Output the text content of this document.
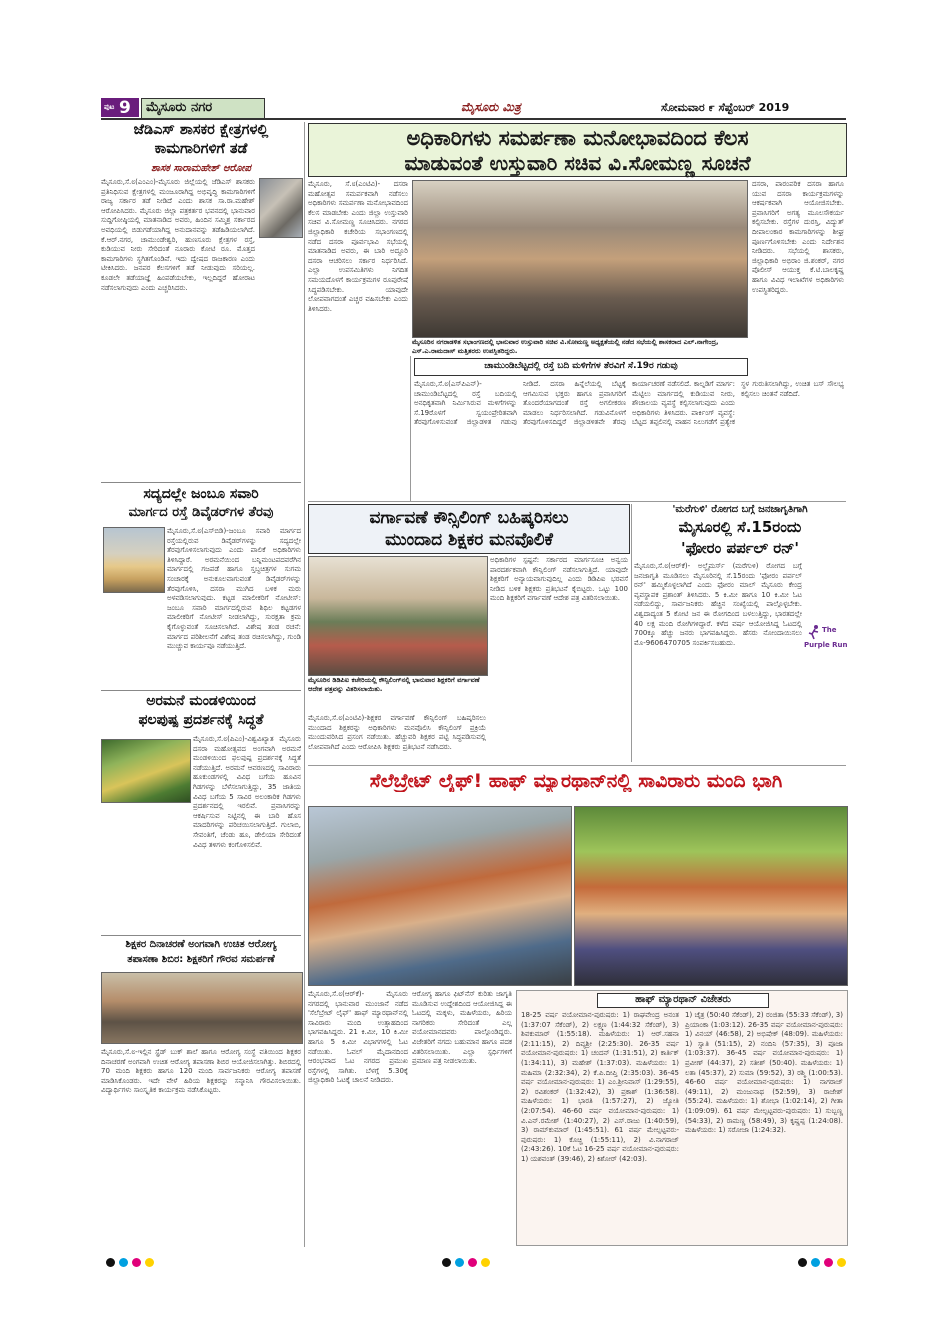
ಪುಟ 9 ಮೈಸೂರು ನಗರ	ಮೈಸೂರು ಮಿತ್ರ	ಸೋಮವಾರ ೯ ಸೆಪ್ಟೆಂಬರ್ 2019
ಅಧಿಕಾರಿಗಳು ಸಮರ್ಪಣಾ ಮನೋಭಾವದಿಂದ ಕೆಲಸ
ಮಾಡುವಂತೆ ಉಸ್ತುವಾರಿ ಸಚಿವ ವಿ.ಸೋಮಣ್ಣ ಸೂಚನೆ
ಮೈಸೂರು, ಸೆ.೮(ಎಂಟಿವಿ)- ದಸರಾ ಮಹೋತ್ಸವ ಸಮರ್ಪಕವಾಗಿ ನಡೆಸಲು ಅಧಿಕಾರಿಗಳು ಸಮರ್ಪಣಾ ಮನೋಭಾವದಿಂದ ಕೆಲಸ ಮಾಡಬೇಕು ಎಂದು ಜಿಲ್ಲಾ ಉಸ್ತುವಾರಿ ಸಚಿವ ವಿ.ಸೋಮಣ್ಣ ಸೂಚಿಸಿದರು. ನಗರದ ಜಿಲ್ಲಾಧಿಕಾರಿ ಕಚೇರಿಯ ಸಭಾಂಗಣದಲ್ಲಿ ನಡೆದ ದಸರಾ ಪೂರ್ವಭಾವಿ ಸಭೆಯಲ್ಲಿ ಮಾತನಾಡಿದ ಅವರು, ಈ ಬಾರಿ ಅದ್ದೂರಿ ದಸರಾ ಆಚರಿಸಲು ಸರ್ಕಾರ ನಿರ್ಧರಿಸಿದೆ. ಎಲ್ಲಾ ಉಪಸಮಿತಿಗಳು ನಿಗದಿತ ಸಮಯದೊಳಗೆ ಕಾರ್ಯಕ್ರಮಗಳ ರೂಪುರೇಷೆ ಸಿದ್ಧಪಡಿಸಬೇಕು. ಯಾವುದೇ ಲೋಪವಾಗದಂತೆ ಎಚ್ಚರ ವಹಿಸಬೇಕು ಎಂದು ತಿಳಿಸಿದರು.
ದಸರಾ, ಪಾರಂಪರಿಕ ದಸರಾ ಹಾಗೂ ಯುವ ದಸರಾ ಕಾರ್ಯಕ್ರಮಗಳನ್ನು ಆಕರ್ಷಕವಾಗಿ ಆಯೋಜಿಸಬೇಕು. ಪ್ರವಾಸಿಗರಿಗೆ ಅಗತ್ಯ ಮೂಲಸೌಕರ್ಯ ಕಲ್ಪಿಸಬೇಕು. ರಸ್ತೆಗಳ ದುರಸ್ತಿ, ವಿದ್ಯುತ್ ದೀಪಾಲಂಕಾರ ಕಾಮಗಾರಿಗಳನ್ನು ಶೀಘ್ರ ಪೂರ್ಣಗೊಳಿಸಬೇಕು ಎಂದು ನಿರ್ದೇಶನ ನೀಡಿದರು. ಸಭೆಯಲ್ಲಿ ಶಾಸಕರು, ಜಿಲ್ಲಾಧಿಕಾರಿ ಅಭಿರಾಂ ಜಿ.ಶಂಕರ್, ನಗರ ಪೊಲೀಸ್ ಆಯುಕ್ತ ಕೆ.ಟಿ.ಬಾಲಕೃಷ್ಣ ಹಾಗೂ ವಿವಿಧ ಇಲಾಖೆಗಳ ಅಧಿಕಾರಿಗಳು ಉಪಸ್ಥಿತರಿದ್ದರು.
ಮೈಸೂರಿನ ನಗರಾಡಳಿತ ಸಭಾಂಗಣದಲ್ಲಿ ಭಾನುವಾರ ಉಸ್ತುವಾರಿ ಸಚಿವ ವಿ.ಸೋಮಣ್ಣ ಅಧ್ಯಕ್ಷತೆಯಲ್ಲಿ ನಡೆದ ಸಭೆಯಲ್ಲಿ ಶಾಸಕರಾದ ಎಲ್.ನಾಗೇಂದ್ರ, ಎಸ್.ಎ.ರಾಮದಾಸ್ ಮತ್ತಿತರರು ಉಪಸ್ಥಿತರಿದ್ದರು.
ಜೆಡಿಎಸ್ ಶಾಸಕರ ಕ್ಷೇತ್ರಗಳಲ್ಲಿ
ಕಾಮಗಾರಿಗಳಿಗೆ ತಡೆ
ಶಾಸಕ ಸಾರಾಮಹೇಶ್ ಆರೋಪ
ಮೈಸೂರು,ಸೆ.೮(ಎಂಎಂ)-ಮೈಸೂರು ಜಿಲ್ಲೆಯಲ್ಲಿ ಜೆಡಿಎಸ್ ಶಾಸಕರು ಪ್ರತಿನಿಧಿಸುವ ಕ್ಷೇತ್ರಗಳಲ್ಲಿ ಮಂಜೂರಾಗಿದ್ದ ಅಭಿವೃದ್ಧಿ ಕಾಮಗಾರಿಗಳಿಗೆ ರಾಜ್ಯ ಸರ್ಕಾರ ತಡೆ ನೀಡಿದೆ ಎಂದು ಶಾಸಕ ಸಾ.ರಾ.ಮಹೇಶ್ ಆರೋಪಿಸಿದರು. ಮೈಸೂರು ಜಿಲ್ಲಾ ಪತ್ರಕರ್ತರ ಭವನದಲ್ಲಿ ಭಾನುವಾರ ಸುದ್ದಿಗೋಷ್ಠಿಯಲ್ಲಿ ಮಾತನಾಡಿದ ಅವರು, ಹಿಂದಿನ ಸಮ್ಮಿಶ್ರ ಸರ್ಕಾರದ ಅವಧಿಯಲ್ಲಿ ಬಿಡುಗಡೆಯಾಗಿದ್ದ ಅನುದಾನವನ್ನು ತಡೆಹಿಡಿಯಲಾಗಿದೆ. ಕೆ.ಆರ್.ನಗರ, ಚಾಮುಂಡೇಶ್ವರಿ, ಹುಣಸೂರು ಕ್ಷೇತ್ರಗಳ ರಸ್ತೆ, ಕುಡಿಯುವ ನೀರು ಸೇರಿದಂತೆ ನೂರಾರು ಕೋಟಿ ರೂ. ಮೊತ್ತದ ಕಾಮಗಾರಿಗಳು ಸ್ಥಗಿತಗೊಂಡಿವೆ. ಇದು ದ್ವೇಷದ ರಾಜಕಾರಣ ಎಂದು ಟೀಕಿಸಿದರು. ಜನಪರ ಕೆಲಸಗಳಿಗೆ ತಡೆ ನೀಡುವುದು ಸರಿಯಲ್ಲ. ಕೂಡಲೇ ತಡೆಯಾಜ್ಞೆ ಹಿಂಪಡೆಯಬೇಕು, ಇಲ್ಲದಿದ್ದರೆ ಹೋರಾಟ ನಡೆಸಲಾಗುವುದು ಎಂದು ಎಚ್ಚರಿಸಿದರು.
ಸದ್ಯದಲ್ಲೇ ಜಂಬೂ ಸವಾರಿ
ಮಾರ್ಗದ ರಸ್ತೆ ಡಿವೈಡರ್‌ಗಳ ತೆರವು
ಮೈಸೂರು,ಸೆ.೮(ಎಸ್‌ಬಿಡಿ)-ಜಂಬೂ ಸವಾರಿ ಮಾರ್ಗದ ರಸ್ತೆಯಲ್ಲಿರುವ ಡಿವೈಡರ್‌ಗಳನ್ನು ಸದ್ಯದಲ್ಲೇ ತೆರವುಗೊಳಿಸಲಾಗುವುದು ಎಂದು ಪಾಲಿಕೆ ಅಧಿಕಾರಿಗಳು ತಿಳಿಸಿದ್ದಾರೆ. ಅರಮನೆಯಿಂದ ಬನ್ನಿಮಂಟಪದವರೆಗಿನ ಮಾರ್ಗದಲ್ಲಿ ಗಜಪಡೆ ಹಾಗೂ ಸ್ತಬ್ಧಚಿತ್ರಗಳ ಸುಗಮ ಸಂಚಾರಕ್ಕೆ ಅನುಕೂಲವಾಗುವಂತೆ ಡಿವೈಡರ್‌ಗಳನ್ನು ತೆರವುಗೊಳಿಸಿ, ದಸರಾ ಮುಗಿದ ಬಳಿಕ ಮರು ಅಳವಡಿಸಲಾಗುವುದು. ಕಟ್ಟಡ ಮಾಲೀಕರಿಗೆ ನೋಟೀಸ್: ಜಂಬೂ ಸವಾರಿ ಮಾರ್ಗದಲ್ಲಿರುವ ಶಿಥಿಲ ಕಟ್ಟಡಗಳ ಮಾಲೀಕರಿಗೆ ನೋಟೀಸ್ ನೀಡಲಾಗಿದ್ದು, ಸುರಕ್ಷತಾ ಕ್ರಮ ಕೈಗೊಳ್ಳುವಂತೆ ಸೂಚಿಸಲಾಗಿದೆ. ವಿಶೇಷ ತಂಡ ರಚನೆ: ಮಾರ್ಗದ ಪರಿಶೀಲನೆಗೆ ವಿಶೇಷ ತಂಡ ರಚಿಸಲಾಗಿದ್ದು, ಗುಂಡಿ ಮುಚ್ಚುವ ಕಾರ್ಯವೂ ನಡೆಯುತ್ತಿದೆ.
ಅರಮನೆ ಮಂಡಳಿಯಿಂದ
ಫಲಪುಷ್ಪ ಪ್ರದರ್ಶನಕ್ಕೆ ಸಿದ್ಧತೆ
ಮೈಸೂರು,ಸೆ.೮(ಪಿಎಂ)-ವಿಶ್ವವಿಖ್ಯಾತ ಮೈಸೂರು ದಸರಾ ಮಹೋತ್ಸವದ ಅಂಗವಾಗಿ ಅರಮನೆ ಮಂಡಳಿಯಿಂದ ಫಲಪುಷ್ಪ ಪ್ರದರ್ಶನಕ್ಕೆ ಸಿದ್ಧತೆ ನಡೆಯುತ್ತಿದೆ. ಅರಮನೆ ಆವರಣದಲ್ಲಿ ಸಾವಿರಾರು ಹೂಕುಂಡಗಳಲ್ಲಿ ವಿವಿಧ ಬಗೆಯ ಹೂವಿನ ಗಿಡಗಳನ್ನು ಬೆಳೆಸಲಾಗುತ್ತಿದ್ದು, 35 ಜಾತಿಯ ವಿವಿಧ ಬಗೆಯ 5 ಸಾವಿರ ಅಲಂಕಾರಿಕ ಗಿಡಗಳು ಪ್ರದರ್ಶನದಲ್ಲಿ ಇರಲಿವೆ. ಪ್ರವಾಸಿಗರನ್ನು ಆಕರ್ಷಿಸುವ ನಿಟ್ಟಿನಲ್ಲಿ ಈ ಬಾರಿ ಹೊಸ ಮಾದರಿಗಳನ್ನು ಪರಿಚಯಿಸಲಾಗುತ್ತಿದೆ. ಗುಲಾಬಿ, ಸೇವಂತಿಗೆ, ಚೆಂಡು ಹೂ, ಡೇಲಿಯಾ ಸೇರಿದಂತೆ ವಿವಿಧ ತಳಿಗಳು ಕಂಗೊಳಿಸಲಿವೆ.
ಶಿಕ್ಷಕರ ದಿನಾಚರಣೆ ಅಂಗವಾಗಿ ಉಚಿತ ಆರೋಗ್ಯ
ತಪಾಸಣಾ ಶಿಬಿರ: ಶಿಕ್ಷಕರಿಗೆ ಗೌರವ ಸಮರ್ಪಣೆ
ಮೈಸೂರು,ಸೆ.೮-ಇಲ್ಲಿನ ಸ್ಪ್ರೆಡ್ ಬುಕ್ ಶಾಲೆ ಹಾಗೂ ಆರೋಗ್ಯ ಸಂಸ್ಥೆ ವತಿಯಿಂದ ಶಿಕ್ಷಕರ ದಿನಾಚರಣೆ ಅಂಗವಾಗಿ ಉಚಿತ ಆರೋಗ್ಯ ತಪಾಸಣಾ ಶಿಬಿರ ಆಯೋಜಿಸಲಾಗಿತ್ತು. ಶಿಬಿರದಲ್ಲಿ 70 ಮಂದಿ ಶಿಕ್ಷಕರು ಹಾಗೂ 120 ಮಂದಿ ಸಾರ್ವಜನಿಕರು ಆರೋಗ್ಯ ತಪಾಸಣೆ ಮಾಡಿಸಿಕೊಂಡರು. ಇದೇ ವೇಳೆ ಹಿರಿಯ ಶಿಕ್ಷಕರನ್ನು ಸನ್ಮಾನಿಸಿ ಗೌರವಿಸಲಾಯಿತು. ವಿದ್ಯಾರ್ಥಿಗಳು ಸಾಂಸ್ಕೃತಿಕ ಕಾರ್ಯಕ್ರಮ ನಡೆಸಿಕೊಟ್ಟರು.
ಚಾಮುಂಡಿಬೆಟ್ಟದಲ್ಲಿ ರಸ್ತೆ ಬದಿ ಮಳಿಗೆಗಳ ತೆರವಿಗೆ ಸೆ.19ರ ಗಡುವು
ಮೈಸೂರು,ಸೆ.೮(ಎಸ್‌ಪಿಎನ್)-ಚಾಮುಂಡಿಬೆಟ್ಟದಲ್ಲಿ ರಸ್ತೆ ಬದಿಯಲ್ಲಿ ಅನಧಿಕೃತವಾಗಿ ನಿರ್ಮಿಸಿರುವ ಮಳಿಗೆಗಳನ್ನು ಸೆ.19ರೊಳಗೆ ಸ್ವಯಂಪ್ರೇರಿತವಾಗಿ ತೆರವುಗೊಳಿಸುವಂತೆ ಜಿಲ್ಲಾಡಳಿತ ಗಡುವು ನೀಡಿದೆ. ದಸರಾ ಹಿನ್ನೆಲೆಯಲ್ಲಿ ಬೆಟ್ಟಕ್ಕೆ ಆಗಮಿಸುವ ಭಕ್ತರು ಹಾಗೂ ಪ್ರವಾಸಿಗರಿಗೆ ತೊಂದರೆಯಾಗದಂತೆ ರಸ್ತೆ ಅಗಲೀಕರಣ ಮಾಡಲು ನಿರ್ಧರಿಸಲಾಗಿದೆ. ಗಡುವಿನೊಳಗೆ ತೆರವುಗೊಳಿಸದಿದ್ದರೆ ಜಿಲ್ಲಾಡಳಿತವೇ ತೆರವು ಕಾರ್ಯಾಚರಣೆ ನಡೆಸಲಿದೆ. ಕಾಲ್ನಡಿಗೆ ಮಾರ್ಗ: ಮೆಟ್ಟಿಲು ಮಾರ್ಗದಲ್ಲಿ ಕುಡಿಯುವ ನೀರು, ಶೌಚಾಲಯ ವ್ಯವಸ್ಥೆ ಕಲ್ಪಿಸಲಾಗುವುದು ಎಂದು ಅಧಿಕಾರಿಗಳು ತಿಳಿಸಿದರು. ಪಾರ್ಕಿಂಗ್ ವ್ಯವಸ್ಥೆ: ಬೆಟ್ಟದ ತಪ್ಪಲಿನಲ್ಲಿ ವಾಹನ ನಿಲುಗಡೆಗೆ ಪ್ರತ್ಯೇಕ ಸ್ಥಳ ಗುರುತಿಸಲಾಗಿದ್ದು, ಉಚಿತ ಬಸ್ ಸೌಲಭ್ಯ ಕಲ್ಪಿಸಲು ಚಿಂತನೆ ನಡೆದಿದೆ.
ವರ್ಗಾವಣೆ ಕೌನ್ಸಿಲಿಂಗ್ ಬಹಿಷ್ಕರಿಸಲು
ಮುಂದಾದ ಶಿಕ್ಷಕರ ಮನವೊಲಿಕೆ
ಅಧಿಕಾರಿಗಳ ಸ್ಪಷ್ಟನೆ: ಸರ್ಕಾರದ ಮಾರ್ಗಸೂಚಿ ಅನ್ವಯ ಪಾರದರ್ಶಕವಾಗಿ ಕೌನ್ಸಿಲಿಂಗ್ ನಡೆಸಲಾಗುತ್ತಿದೆ. ಯಾವುದೇ ಶಿಕ್ಷಕರಿಗೆ ಅನ್ಯಾಯವಾಗುವುದಿಲ್ಲ ಎಂದು ಡಿಡಿಪಿಐ ಭರವಸೆ ನೀಡಿದ ಬಳಿಕ ಶಿಕ್ಷಕರು ಪ್ರತಿಭಟನೆ ಕೈಬಿಟ್ಟರು. ಒಟ್ಟು 100 ಮಂದಿ ಶಿಕ್ಷಕರಿಗೆ ವರ್ಗಾವಣೆ ಆದೇಶ ಪತ್ರ ವಿತರಿಸಲಾಯಿತು.
ಮೈಸೂರಿನ ಡಿಡಿಪಿಐ ಕಚೇರಿಯಲ್ಲಿ ಕೌನ್ಸಿಲಿಂಗ್‌ನಲ್ಲಿ ಭಾನುವಾರ ಶಿಕ್ಷಕರಿಗೆ ವರ್ಗಾವಣೆ ಆದೇಶ ಪತ್ರವನ್ನು ವಿತರಿಸಲಾಯಿತು.
ಮೈಸೂರು,ಸೆ.೮(ಎಂಟಿವಿ)-ಶಿಕ್ಷಕರ ವರ್ಗಾವಣೆ ಕೌನ್ಸಿಲಿಂಗ್ ಬಹಿಷ್ಕರಿಸಲು ಮುಂದಾದ ಶಿಕ್ಷಕರನ್ನು ಅಧಿಕಾರಿಗಳು ಮನವೊಲಿಸಿ ಕೌನ್ಸಿಲಿಂಗ್ ಪ್ರಕ್ರಿಯೆ ಮುಂದುವರಿಸಿದ ಪ್ರಸಂಗ ನಡೆಯಿತು. ಹೆಚ್ಚುವರಿ ಶಿಕ್ಷಕರ ಪಟ್ಟಿ ಸಿದ್ಧಪಡಿಸುವಲ್ಲಿ ಲೋಪವಾಗಿದೆ ಎಂದು ಆರೋಪಿಸಿ ಶಿಕ್ಷಕರು ಪ್ರತಿಭಟನೆ ನಡೆಸಿದರು.
'ಮರೆಗುಳಿ' ರೋಗದ ಬಗ್ಗೆ ಜನಜಾಗೃತಿಗಾಗಿ
ಮೈಸೂರಲ್ಲಿ ಸೆ.15ರಂದು
'ಫೋರಂ ಪರ್ಪಲ್ ರನ್'
The
Purple Run
ಮೈಸೂರು,ಸೆ.೮(ಆರ್‌ಕೆ)- ಅಲ್ಜೈಮರ್ಸ್ (ಮರೆಗುಳಿ) ರೋಗದ ಬಗ್ಗೆ ಜನಜಾಗೃತಿ ಮೂಡಿಸಲು ಮೈಸೂರಿನಲ್ಲಿ ಸೆ.15ರಂದು 'ಫೋರಂ ಪರ್ಪಲ್ ರನ್' ಹಮ್ಮಿಕೊಳ್ಳಲಾಗಿದೆ ಎಂದು ಫೋರಂ ಮಾಲ್ ಮೈಸೂರು ಕೇಂದ್ರ ವ್ಯವಸ್ಥಾಪಕ ಪ್ರಶಾಂತ್ ತಿಳಿಸಿದರು. 5 ಕಿ.ಮೀ ಹಾಗೂ 10 ಕಿ.ಮೀ ಓಟ ನಡೆಯಲಿದ್ದು, ಸಾರ್ವಜನಿಕರು ಹೆಚ್ಚಿನ ಸಂಖ್ಯೆಯಲ್ಲಿ ಪಾಲ್ಗೊಳ್ಳಬೇಕು. ವಿಶ್ವದಾದ್ಯಂತ 5 ಕೋಟಿ ಜನ ಈ ರೋಗದಿಂದ ಬಳಲುತ್ತಿದ್ದು, ಭಾರತದಲ್ಲೇ 40 ಲಕ್ಷ ಮಂದಿ ರೋಗಿಗಳಿದ್ದಾರೆ. ಕಳೆದ ವರ್ಷ ಆಯೋಜಿಸಿದ್ದ ಓಟದಲ್ಲಿ 700ಕ್ಕೂ ಹೆಚ್ಚು ಜನರು ಭಾಗವಹಿಸಿದ್ದರು. ಹೆಸರು ನೋಂದಾಯಿಸಲು ಮೊ-9606470705 ಸಂಪರ್ಕಿಸಬಹುದು.
ಸೆಲೆಬ್ರೇಟ್ ಲೈಫ್! ಹಾಫ್ ಮ್ಯಾರಥಾನ್‌ನಲ್ಲಿ ಸಾವಿರಾರು ಮಂದಿ ಭಾಗಿ
ಮೈಸೂರು,ಸೆ.೮(ಆರ್‌ಕೆ)- ಮೈಸೂರು ನಗರದಲ್ಲಿ ಭಾನುವಾರ ಮುಂಜಾನೆ ನಡೆದ 'ಸೆಲೆಬ್ರೇಟ್ ಲೈಫ್' ಹಾಫ್ ಮ್ಯಾರಥಾನ್‌ನಲ್ಲಿ ಸಾವಿರಾರು ಮಂದಿ ಉತ್ಸಾಹದಿಂದ ಭಾಗವಹಿಸಿದ್ದರು. 21 ಕಿ.ಮೀ, 10 ಕಿ.ಮೀ ಹಾಗೂ 5 ಕಿ.ಮೀ ವಿಭಾಗಗಳಲ್ಲಿ ಓಟ ನಡೆಯಿತು. ಓವಲ್ ಮೈದಾನದಿಂದ ಆರಂಭವಾದ ಓಟ ನಗರದ ಪ್ರಮುಖ ರಸ್ತೆಗಳಲ್ಲಿ ಸಾಗಿತು. ಬೆಳಗ್ಗೆ 5.30ಕ್ಕೆ ಜಿಲ್ಲಾಧಿಕಾರಿ ಓಟಕ್ಕೆ ಚಾಲನೆ ನೀಡಿದರು.
ಆರೋಗ್ಯ ಹಾಗೂ ಫಿಟ್‌ನೆಸ್ ಕುರಿತು ಜಾಗೃತಿ ಮೂಡಿಸುವ ಉದ್ದೇಶದಿಂದ ಆಯೋಜಿಸಿದ್ದ ಈ ಓಟದಲ್ಲಿ ಮಕ್ಕಳು, ಮಹಿಳೆಯರು, ಹಿರಿಯ ನಾಗರಿಕರು ಸೇರಿದಂತೆ ಎಲ್ಲ ವಯೋಮಾನದವರು ಪಾಲ್ಗೊಂಡಿದ್ದರು. ವಿಜೇತರಿಗೆ ನಗದು ಬಹುಮಾನ ಹಾಗೂ ಪದಕ ವಿತರಿಸಲಾಯಿತು. ಎಲ್ಲಾ ಸ್ಪರ್ಧಿಗಳಿಗೆ ಪ್ರಮಾಣ ಪತ್ರ ನೀಡಲಾಯಿತು.
ಹಾಫ್ ಮ್ಯಾರಥಾನ್ ವಿಜೇತರು
18-25 ವರ್ಷ ವಯೋಮಾನ-ಪುರುಷರು: 1) ರಾಘವೇಂದ್ರ ಅನಂತ (1:37:07 ಸೆಕೆಂಡ್), 2) ಲಕ್ಷ್ಮಣ (1:44:32 ಸೆಕೆಂಡ್), 3) ಶಿವಕುಮಾರ್ (1:55:18). ಮಹಿಳೆಯರು: 1) ಆರ್.ಸಹನಾ (2:11:15), 2) ದಿವ್ಯಶ್ರೀ (2:25:30). 26-35 ವರ್ಷ ವಯೋಮಾನ-ಪುರುಷರು: 1) ಚಂದನ್ (1:31:51), 2) ಕಾರ್ತಿಕ್ (1:34:11), 3) ಮಹೇಶ್ (1:37:03). ಮಹಿಳೆಯರು: 1) ಮಹಿಮಾ (2:32:34), 2) ಕೆ.ಪಿ.ದೀಪ್ತಿ (2:35:03). 36-45 ವರ್ಷ ವಯೋಮಾನ-ಪುರುಷರು: 1) ಎಂ.ಶ್ರೀನಿವಾಸ್ (1:29:55), 2) ರವಿಶಂಕರ್ (1:32:42), 3) ಪ್ರಕಾಶ್ (1:36:58). ಮಹಿಳೆಯರು: 1) ಭಾರತಿ (1:57:27), 2) ಜ್ಯೋತಿ (2:07:54). 46-60 ವರ್ಷ ವಯೋಮಾನ-ಪುರುಷರು: 1) ವಿ.ಎನ್.ರಮೇಶ್ (1:40:27), 2) ಎಸ್.ರಾಜು (1:40:59), 3) ರಾಮ್‌ಕುಮಾರ್ (1:45:51). 61 ವರ್ಷ ಮೇಲ್ಪಟ್ಟವರು-ಪುರುಷರು: 1) ಕೊಚ್ಚಿ (1:55:11), 2) ವಿ.ನಾಗರಾಜ್ (2:43:26). 10ಕೆ ಓಟ 16-25 ವರ್ಷ ವಯೋಮಾನ-ಪುರುಷರು: 1) ಯಶವಂತ್ (39:46), 2) ಕಿಶೋರ್ (42:03).
1) ಚೈತ್ರ (50:40 ಸೆಕೆಂಡ್), 2) ರಂಜಿತಾ (55:33 ಸೆಕೆಂಡ್), 3) ಪ್ರಿಯಾಂಕಾ (1:03:12). 26-35 ವರ್ಷ ವಯೋಮಾನ-ಪುರುಷರು: 1) ವಿನಯ್ (46:58), 2) ಅಭಿಷೇಕ್ (48:09). ಮಹಿಳೆಯರು: 1) ಸ್ವಾತಿ (51:15), 2) ನಂದಿನಿ (57:35), 3) ಪೂಜಾ (1:03:37). 36-45 ವರ್ಷ ವಯೋಮಾನ-ಪುರುಷರು: 1) ಪ್ರವೀಣ್ (44:37), 2) ಸತೀಶ್ (50:40). ಮಹಿಳೆಯರು: 1) ಲತಾ (45:37), 2) ಸುಮಾ (59:52), 3) ರಶ್ಮಿ (1:00:53). 46-60 ವರ್ಷ ವಯೋಮಾನ-ಪುರುಷರು: 1) ನಾಗರಾಜ್ (49:11), 2) ಮಂಜುನಾಥ (52:59), 3) ರಾಜೇಶ್ (55:24). ಮಹಿಳೆಯರು: 1) ಶೋಭಾ (1:02:14), 2) ಗೀತಾ (1:09:09). 61 ವರ್ಷ ಮೇಲ್ಪಟ್ಟವರು-ಪುರುಷರು: 1) ಸುಬ್ಬಣ್ಣ (54:33), 2) ರಾಮಣ್ಣ (58:49), 3) ಕೃಷ್ಣಪ್ಪ (1:24:08). ಮಹಿಳೆಯರು: 1) ಸರೋಜಾ (1:24:32).
